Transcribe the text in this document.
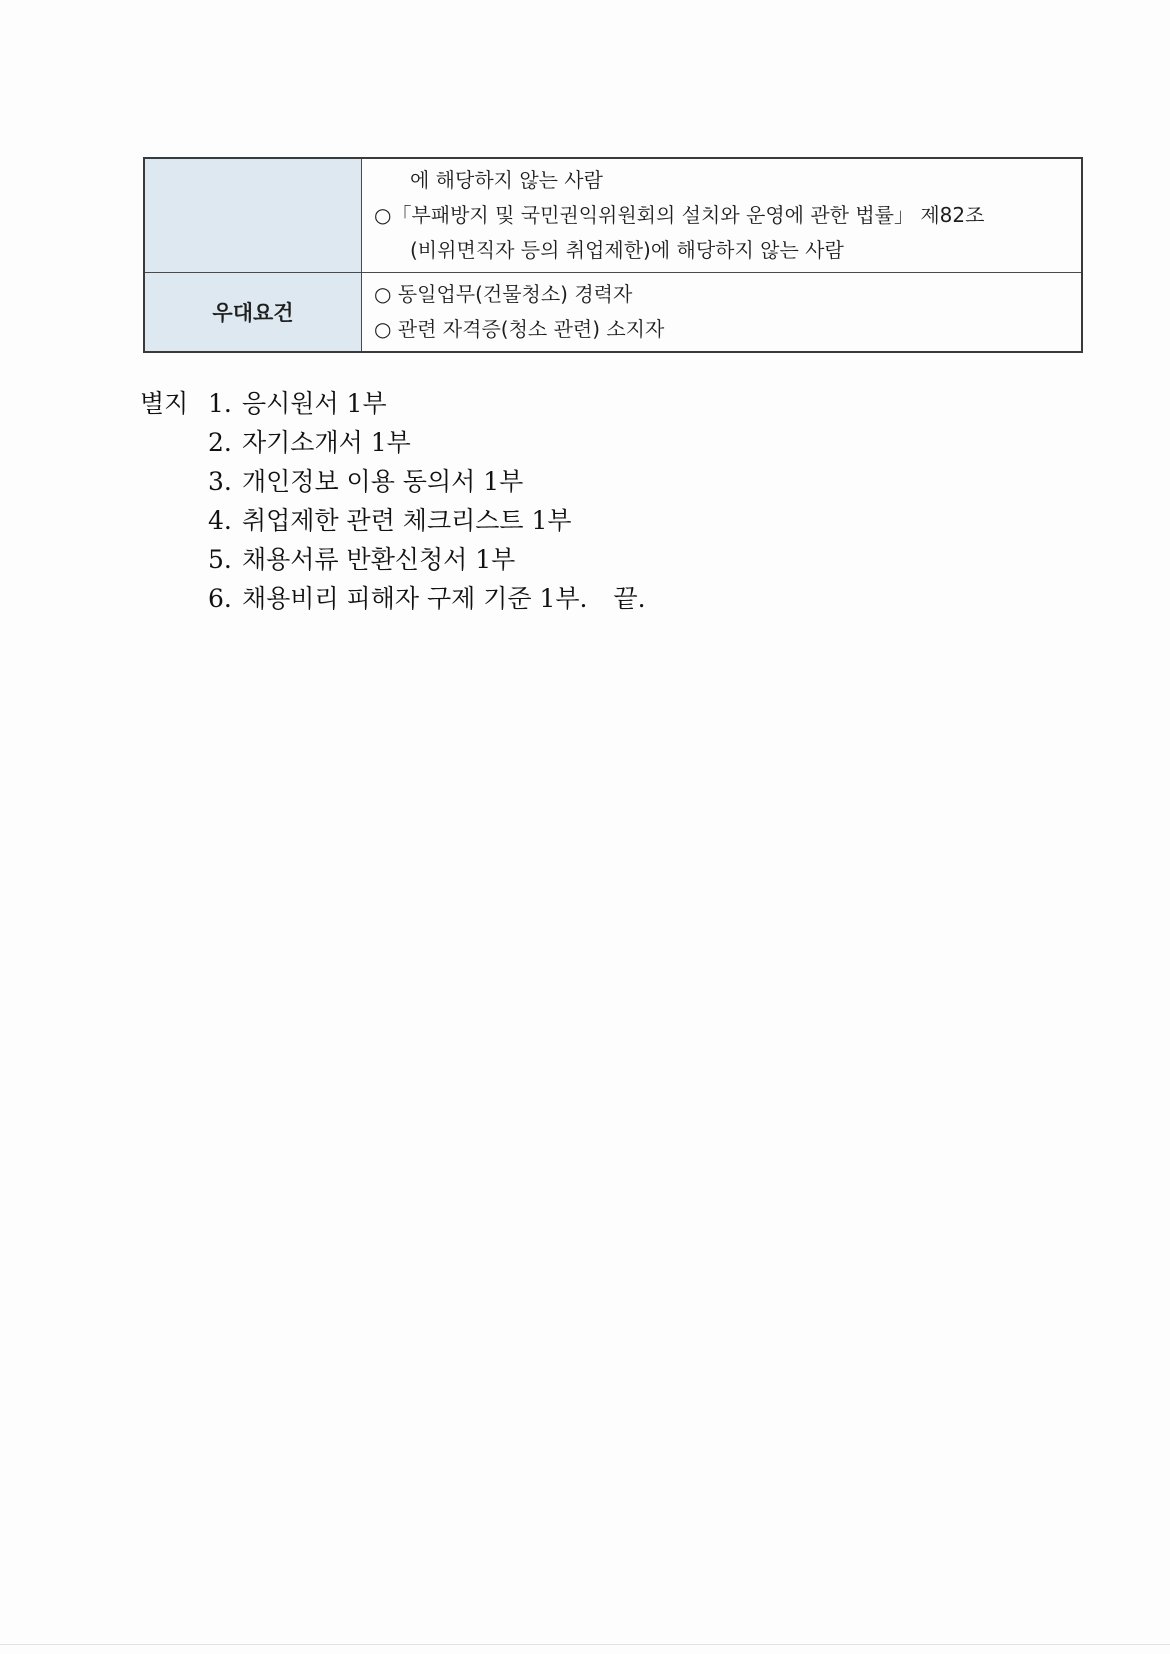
	에 해당하지 않는 사람
○「부패방지 및 국민권익위원회의 설치와 운영에 관한 법률」 제82조
(비위면직자 등의 취업제한)에 해당하지 않는 사람

우대요건	○ 동일업무(건물청소) 경력자
○ 관련 자격증(청소 관련) 소지자
별지 1. 응시원서 1부
2. 자기소개서 1부
3. 개인정보 이용 동의서 1부
4. 취업제한 관련 체크리스트 1부
5. 채용서류 반환신청서 1부
6. 채용비리 피해자 구제 기준 1부. 끝.
